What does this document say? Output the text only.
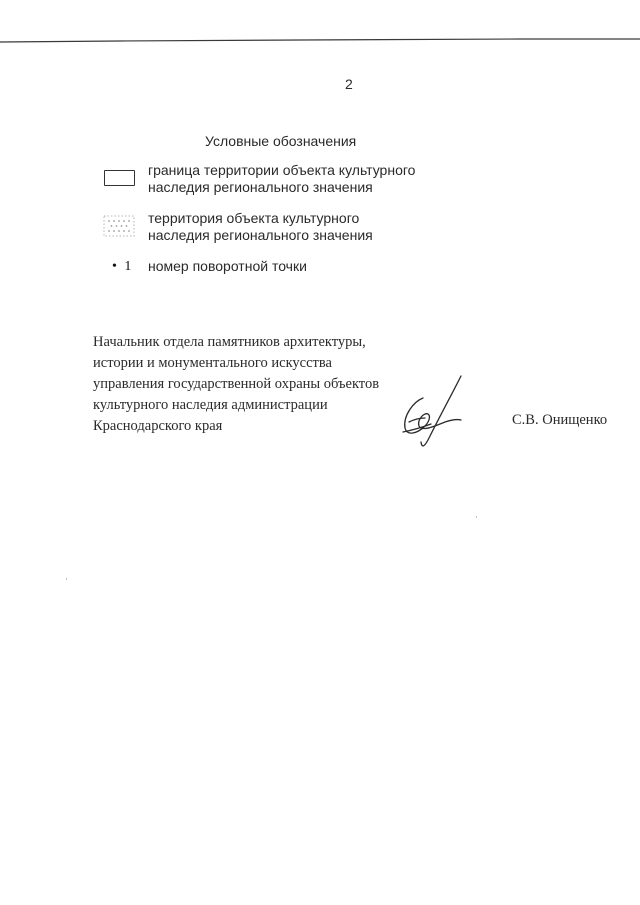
2
Условные обозначения
граница территории объекта культурного
наследия регионального значения
территория объекта культурного
наследия регионального значения
• 1 номер поворотной точки
Начальник отдела памятников архитектуры,
истории и монументального искусства
управления государственной охраны объектов
культурного наследия администрации
Краснодарского края	С.В. Онищенко
